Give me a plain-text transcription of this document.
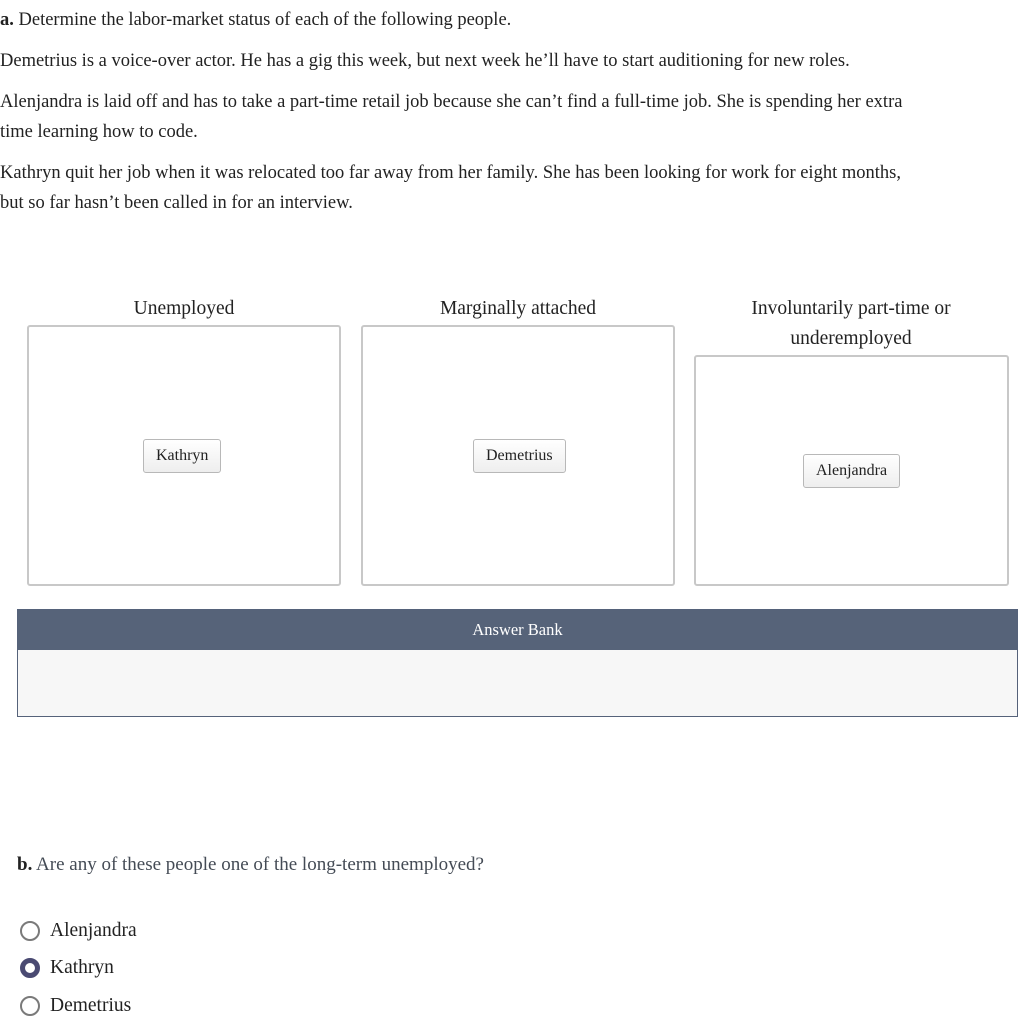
a. Determine the labor-market status of each of the following people.

Demetrius is a voice-over actor. He has a gig this week, but next week he’ll have to start auditioning for new roles.

Alenjandra is laid off and has to take a part-time retail job because she can’t find a full-time job. She is spending her extra
time learning how to code.

Kathryn quit her job when it was relocated too far away from her family. She has been looking for work for eight months,
but so far hasn’t been called in for an interview.

Unemployed
Kathryn
Marginally attached
Demetrius
Involuntarily part-time or
underemployed
Alenjandra
Answer Bank
b. Are any of these people one of the long-term unemployed?
Alenjandra
Kathryn
Demetrius
